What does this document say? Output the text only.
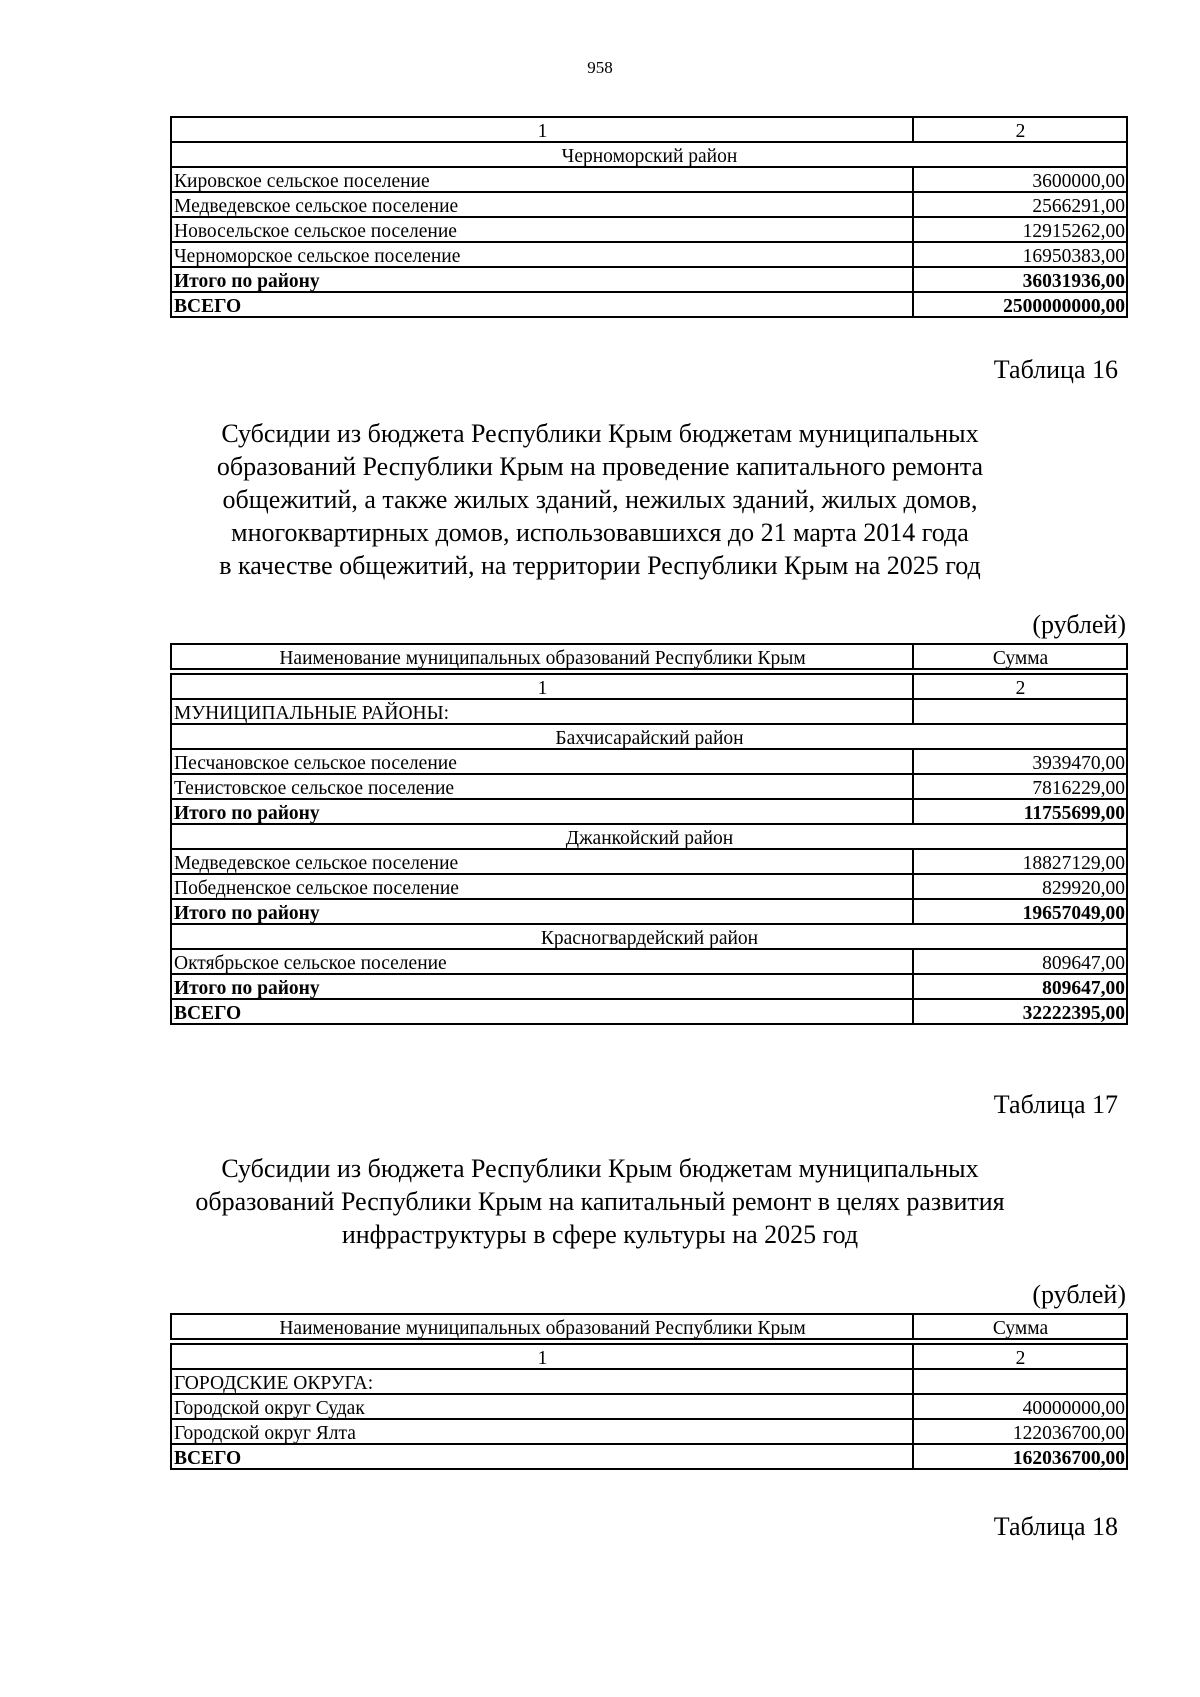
958
1	2
Черноморский район	
Кировское сельское поселение	3600000,00
Медведевское сельское поселение	2566291,00
Новосельское сельское поселение	12915262,00
Черноморское сельское поселение	16950383,00
Итого по району	36031936,00
ВСЕГО	2500000000,00
Таблица 16
Субсидии из бюджета Республики Крым бюджетам муниципальных
образований Республики Крым на проведение капитального ремонта
общежитий, а также жилых зданий, нежилых зданий, жилых домов,
многоквартирных домов, использовавшихся до 21 марта 2014 года
в качестве общежитий, на территории Республики Крым на 2025 год
(рублей)
Наименование муниципальных образований Республики Крым	Сумма

1	2
МУНИЦИПАЛЬНЫЕ РАЙОНЫ:	
Бахчисарайский район	
Песчановское сельское поселение	3939470,00
Тенистовское сельское поселение	7816229,00
Итого по району	11755699,00
Джанкойский район	
Медведевское сельское поселение	18827129,00
Победненское сельское поселение	829920,00
Итого по району	19657049,00
Красногвардейский район	
Октябрьское сельское поселение	809647,00
Итого по району	809647,00
ВСЕГО	32222395,00
Таблица 17
Субсидии из бюджета Республики Крым бюджетам муниципальных
образований Республики Крым на капитальный ремонт в целях развития
инфраструктуры в сфере культуры на 2025 год
(рублей)
Наименование муниципальных образований Республики Крым	Сумма

1	2
ГОРОДСКИЕ ОКРУГА:	
Городской округ Судак	40000000,00
Городской округ Ялта	122036700,00
ВСЕГО	162036700,00
Таблица 18
